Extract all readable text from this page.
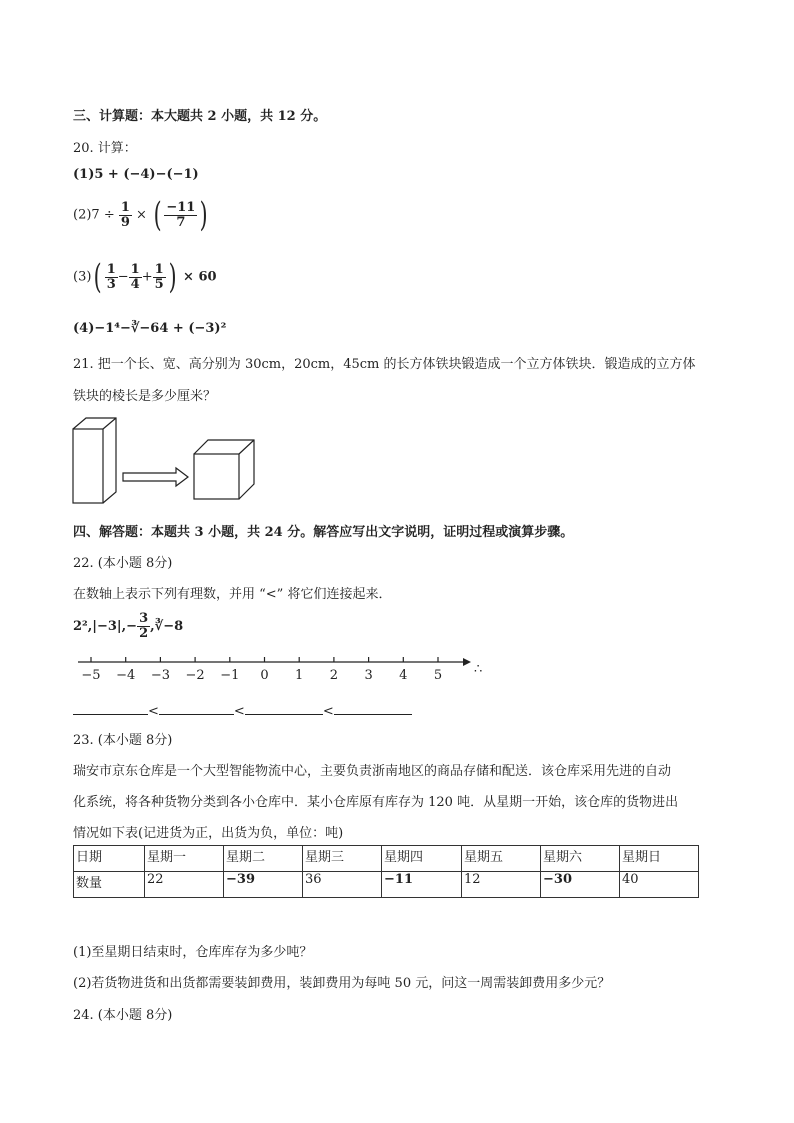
三、计算题：本大题共 2 小题，共 12 分。
20. 计算：
(1)5 + (−4)−(−1)
$(2)7 \div \frac{1}{9}$ × ( $\frac{-11}{7}$ )
$(3)( \frac{1}{3} - \frac{1}{4} + \frac{1}{5}$ ) × 60
(4)−1⁴−∛−64 + (−3)²
21. 把一个长、宽、高分别为 30cm，20cm，45cm 的长方体铁块锻造成一个立方体铁块．锻造成的立方体
铁块的棱长是多少厘米？
四、解答题：本题共 3 小题，共 24 分。解答应写出文字说明，证明过程或演算步骤。
22. (本小题 8分)
在数轴上表示下列有理数，并用 “<” 将它们连接起来．
$2^2,|-3|,- \frac{3}{2}$ ,∛−8
−5 −4 −3 −2 −1 0 1 2 3 4 5 ∴
<	<	<
23. (本小题 8分)
瑞安市京东仓库是一个大型智能物流中心，主要负责浙南地区的商品存储和配送．该仓库采用先进的自动
化系统，将各种货物分类到各小仓库中．某小仓库原有库存为 120 吨．从星期一开始，该仓库的货物进出
情况如下表(记进货为正，出货为负，单位：吨)
日期	星期一	星期二	星期三	星期四	星期五	星期六	星期日
数量	22	−39	36	−11	12	−30	40
(1)至星期日结束时，仓库库存为多少吨？
(2)若货物进货和出货都需要装卸费用，装卸费用为每吨 50 元，问这一周需装卸费用多少元？
24. (本小题 8分)
